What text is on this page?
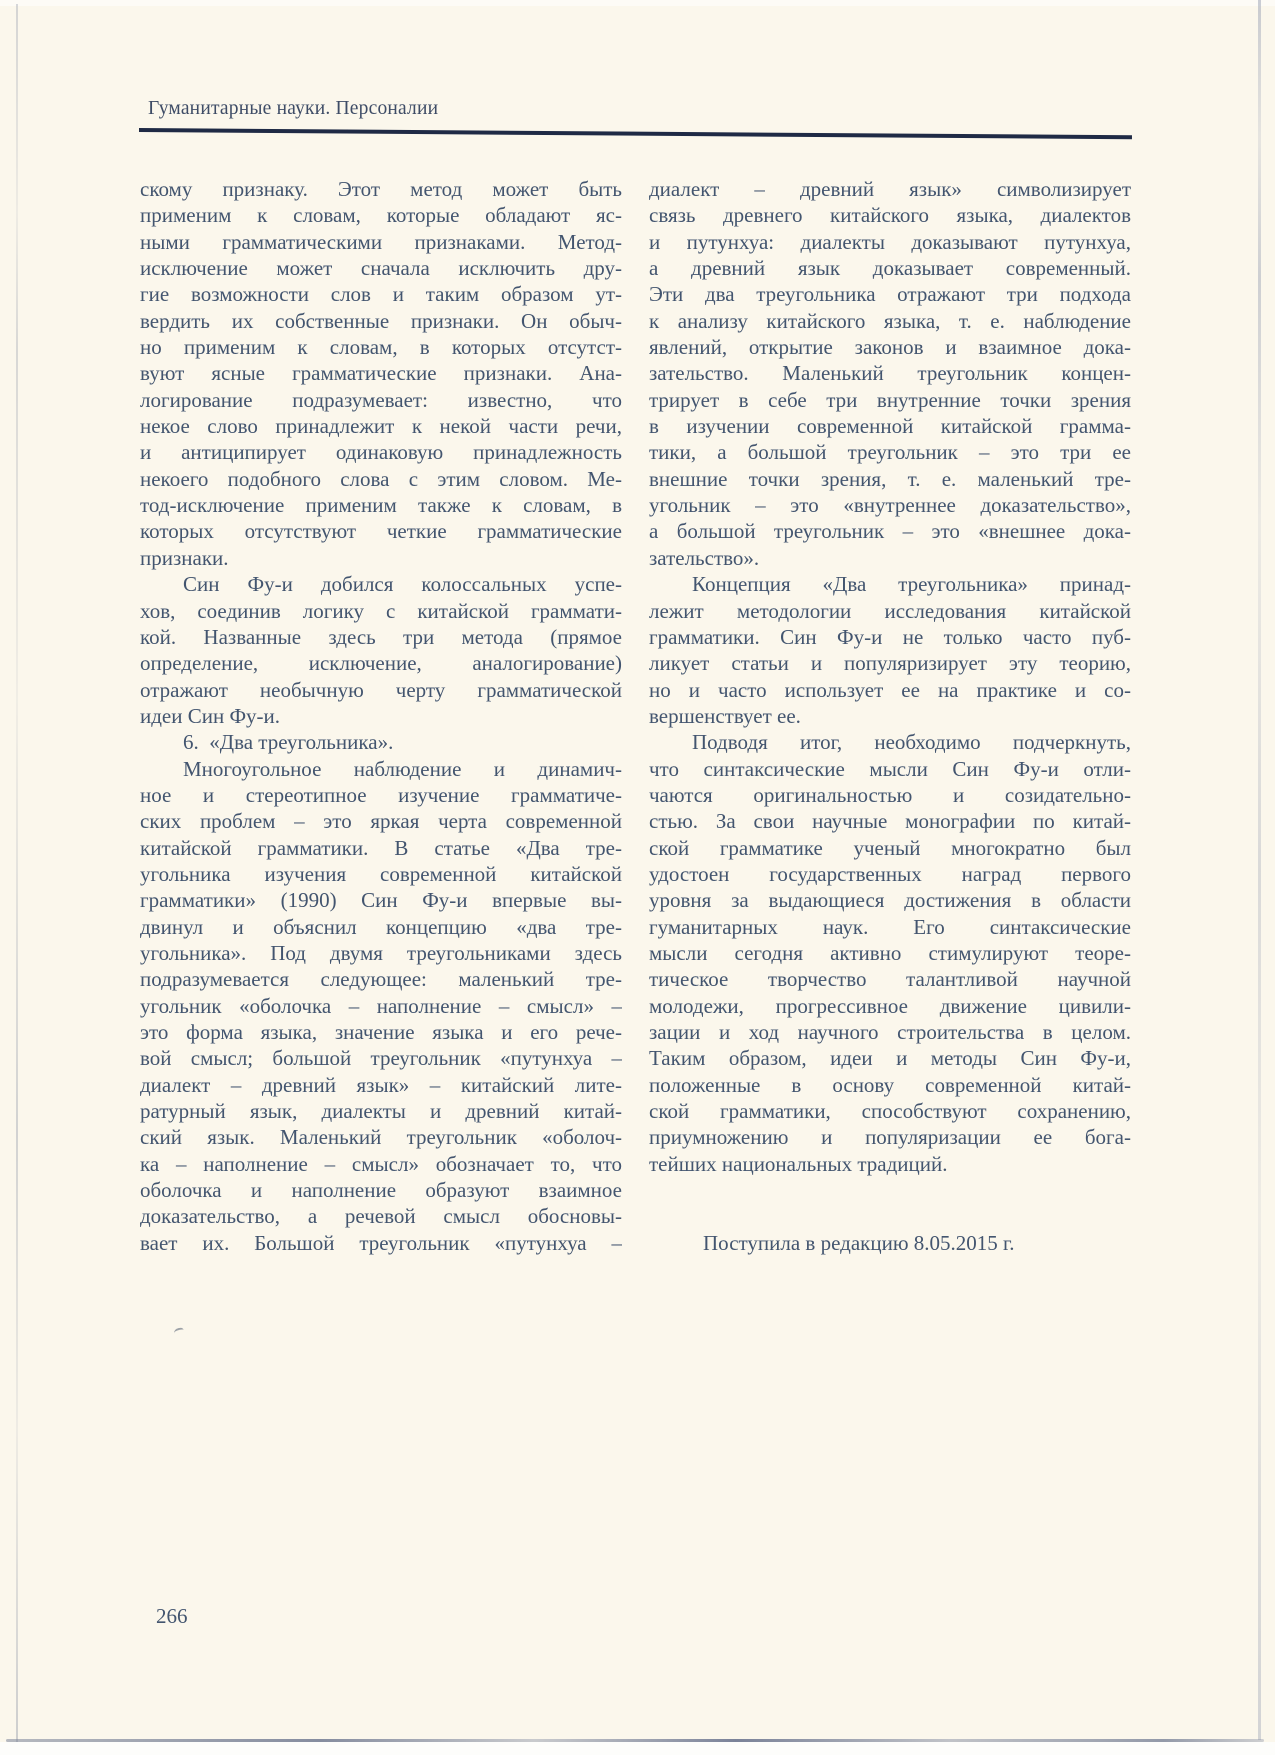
Гуманитарные науки. Персоналии
скому признаку. Этот метод может быть
применим к словам, которые обладают яс-
ными грамматическими признаками. Метод-
исключение может сначала исключить дру-
гие возможности слов и таким образом ут-
вердить их собственные признаки. Он обыч-
но применим к словам, в которых отсутст-
вуют ясные грамматические признаки. Ана-
логирование подразумевает: известно, что
некое слово принадлежит к некой части речи,
и антиципирует одинаковую принадлежность
некоего подобного слова с этим словом. Ме-
тод-исключение применим также к словам, в
которых отсутствуют четкие грамматические
признаки.
Син Фу-и добился колоссальных успе-
хов, соединив логику с китайской граммати-
кой. Названные здесь три метода (прямое
определение, исключение, аналогирование)
отражают необычную черту грамматической
идеи Син Фу-и.
6.  «Два треугольника».
Многоугольное наблюдение и динамич-
ное и стереотипное изучение грамматиче-
ских проблем – это яркая черта современной
китайской грамматики. В статье «Два тре-
угольника изучения современной китайской
грамматики» (1990) Син Фу-и впервые вы-
двинул и объяснил концепцию «два тре-
угольника». Под двумя треугольниками здесь
подразумевается следующее: маленький тре-
угольник «оболочка – наполнение – смысл» –
это форма языка, значение языка и его рече-
вой смысл; большой треугольник «путунхуа –
диалект – древний язык» – китайский лите-
ратурный язык, диалекты и древний китай-
ский язык. Маленький треугольник «оболоч-
ка – наполнение – смысл» обозначает то, что
оболочка и наполнение образуют взаимное
доказательство, а речевой смысл обосновы-
вает их. Большой треугольник «путунхуа –
диалект – древний язык» символизирует
связь древнего китайского языка, диалектов
и путунхуа: диалекты доказывают путунхуа,
а древний язык доказывает современный.
Эти два треугольника отражают три подхода
к анализу китайского языка, т. е. наблюдение
явлений, открытие законов и взаимное дока-
зательство. Маленький треугольник концен-
трирует в себе три внутренние точки зрения
в изучении современной китайской грамма-
тики, а большой треугольник – это три ее
внешние точки зрения, т. е. маленький тре-
угольник – это «внутреннее доказательство»,
а большой треугольник – это «внешнее дока-
зательство».
Концепция «Два треугольника» принад-
лежит методологии исследования китайской
грамматики. Син Фу-и не только часто пуб-
ликует статьи и популяризирует эту теорию,
но и часто использует ее на практике и со-
вершенствует ее.
Подводя итог, необходимо подчеркнуть,
что синтаксические мысли Син Фу-и отли-
чаются оригинальностью и созидательно-
стью. За свои научные монографии по китай-
ской грамматике ученый многократно был
удостоен государственных наград первого
уровня за выдающиеся достижения в области
гуманитарных наук. Его синтаксические
мысли сегодня активно стимулируют теоре-
тическое творчество талантливой научной
молодежи, прогрессивное движение цивили-
зации и ход научного строительства в целом.
Таким образом, идеи и методы Син Фу-и,
положенные в основу современной китай-
ской грамматики, способствуют сохранению,
приумножению и популяризации ее бога-
тейших национальных традиций.

Поступила в редакцию 8.05.2015 г.
266
